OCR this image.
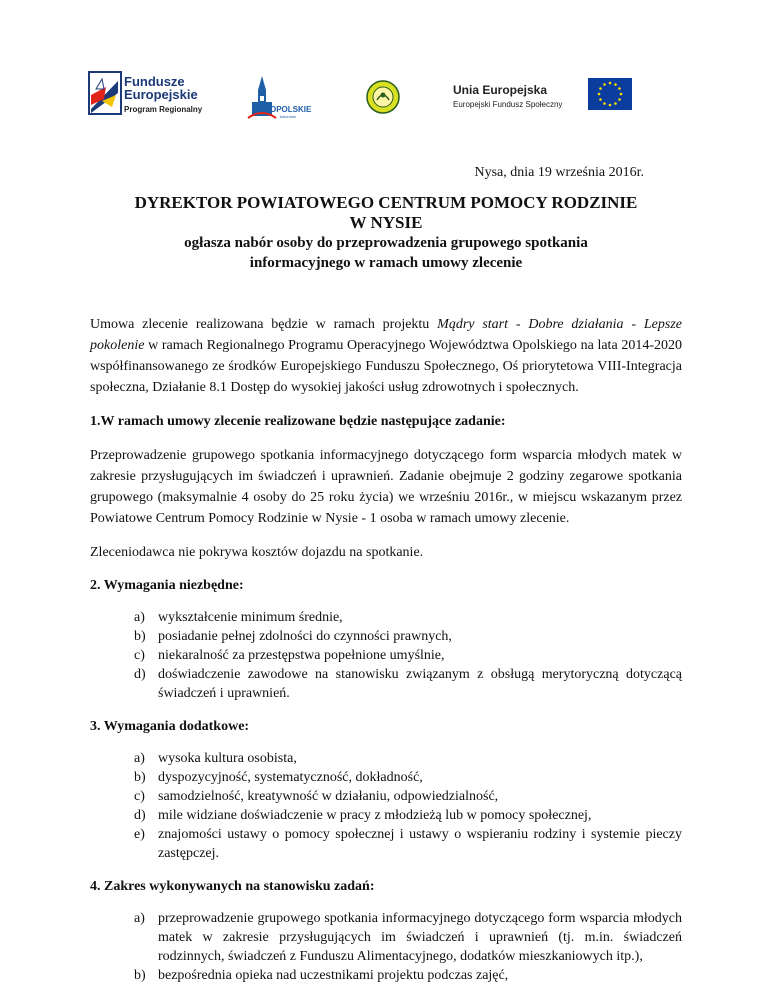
Fundusze
Europejskie
Program Regionalny	OPOLSKIE
kolorowe
Unia Europejska
Europejski Fundusz Społeczny
Nysa, dnia 19 września 2016r.
DYREKTOR POWIATOWEGO CENTRUM POMOCY RODZINIE
W NYSIE
ogłasza nabór osoby do przeprowadzenia grupowego spotkania
informacyjnego w ramach umowy zlecenie

Umowa zlecenie realizowana będzie w ramach projektu Mądry start - Dobre działania - Lepsze pokolenie w ramach Regionalnego Programu Operacyjnego Województwa Opolskiego na lata 2014-2020 współfinansowanego ze środków Europejskiego Funduszu Społecznego, Oś priorytetowa VIII-Integracja społeczna, Działanie 8.1 Dostęp do wysokiej jakości usług zdrowotnych i społecznych.

1.W ramach umowy zlecenie realizowane będzie następujące zadanie:

Przeprowadzenie grupowego spotkania informacyjnego dotyczącego form wsparcia młodych matek w zakresie przysługujących im świadczeń i uprawnień. Zadanie obejmuje 2 godziny zegarowe spotkania grupowego (maksymalnie 4 osoby do 25 roku życia) we wrześniu 2016r., w miejscu wskazanym przez Powiatowe Centrum Pomocy Rodzinie w Nysie - 1 osoba w ramach umowy zlecenie.

Zleceniodawca nie pokrywa kosztów dojazdu na spotkanie.

2. Wymagania niezbędne:

a) wykształcenie minimum średnie,
b) posiadanie pełnej zdolności do czynności prawnych,
c) niekaralność za przestępstwa popełnione umyślnie,
d) doświadczenie zawodowe na stanowisku związanym z obsługą merytoryczną dotyczącą świadczeń i uprawnień.

3. Wymagania dodatkowe:

a) wysoka kultura osobista,
b) dyspozycyjność, systematyczność, dokładność,
c) samodzielność, kreatywność w działaniu, odpowiedzialność,
d) mile widziane doświadczenie w pracy z młodzieżą lub w pomocy społecznej,
e) znajomości ustawy o pomocy społecznej i ustawy o wspieraniu rodziny i systemie pieczy zastępczej.

4. Zakres wykonywanych na stanowisku zadań:

a) przeprowadzenie grupowego spotkania informacyjnego dotyczącego form wsparcia młodych matek w zakresie przysługujących im świadczeń i uprawnień (tj. m.in. świadczeń rodzinnych, świadczeń z Funduszu Alimentacyjnego, dodatków mieszkaniowych itp.),
b) bezpośrednia opieka nad uczestnikami projektu podczas zajęć,
